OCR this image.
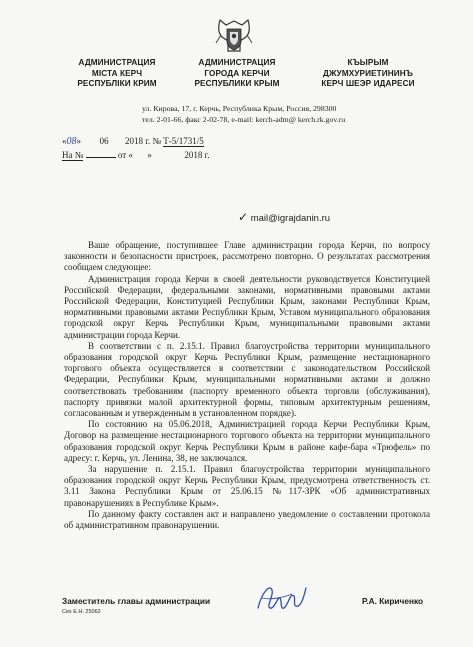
АДМИНИСТРАЦИЯ
МІСТА КЕРЧ
РЕСПУБЛІКИ КРИМ
АДМИНИСТРАЦИЯ
ГОРОДА КЕРЧИ
РЕСПУБЛИКИ КРЫМ
КЪЫРЫМ
ДЖУМХУРИЕТИНИНЪ
КЕРЧ ШЕЭР ИДАРЕСИ
ул. Кирова, 17, г. Керчь, Республика Крым, Россия, 298300
тел. 2-01-66, факс 2-02-78, e-mail: kerch-adm@ kerch.rk.gov.ru
«08» 06 2018 г. № Т-5/1731/5
На №	от « »	2018 г.
✓ mail@igrajdanin.ru

Ваше обращение, поступившее Главе администрации города Керчи, по вопросу законности и безопасности пристроек, рассмотрено повторно. О результатах рассмотрения сообщаем следующее:

Администрация города Керчи в своей деятельности руководствуется Конституцией Российской Федерации, федеральными законами, нормативными правовыми актами Российской Федерации, Конституцией Республики Крым, законами Республики Крым, нормативными правовыми актами Республики Крым, Уставом муниципального образования городской округ Керчь Республики Крым, муниципальными правовыми актами администрации города Керчи.

В соответствии с п. 2.15.1. Правил благоустройства территории муниципального образования городской округ Керчь Республики Крым, размещение нестационарного торгового объекта осуществляется в соответствии с законодательством Российской Федерации, Республики Крым, муниципальными нормативными актами и должно соответствовать требованиям (паспорту временного объекта торговли (обслуживания), паспорту привязки малой архитектурной формы, типовым архитектурным решениям, согласованным и утвержденным в установленном порядке).

По состоянию на 05.06.2018, Администрацией города Керчи Республики Крым, Договор на размещение нестационарного торгового объекта на территории муниципального образования городской округ Керчь Республики Крым в районе кафе-бара «Трюфель» по адресу: г. Керчь, ул. Ленина, 38, не заключался.

За нарушение п. 2.15.1. Правил благоустройства территории муниципального образования городской округ Керчь Республики Крым, предусмотрена ответственность ст. 3.11 Закона Республики Крым от 25.06.15 №117-ЗРК «Об административных правонарушениях в Республике Крым».

По данному факту составлен акт и направлено уведомление о составлении протокола об административном правонарушении.

Заместитель главы администрации	Р.А. Кириченко
Сех Е.Н. 25062
